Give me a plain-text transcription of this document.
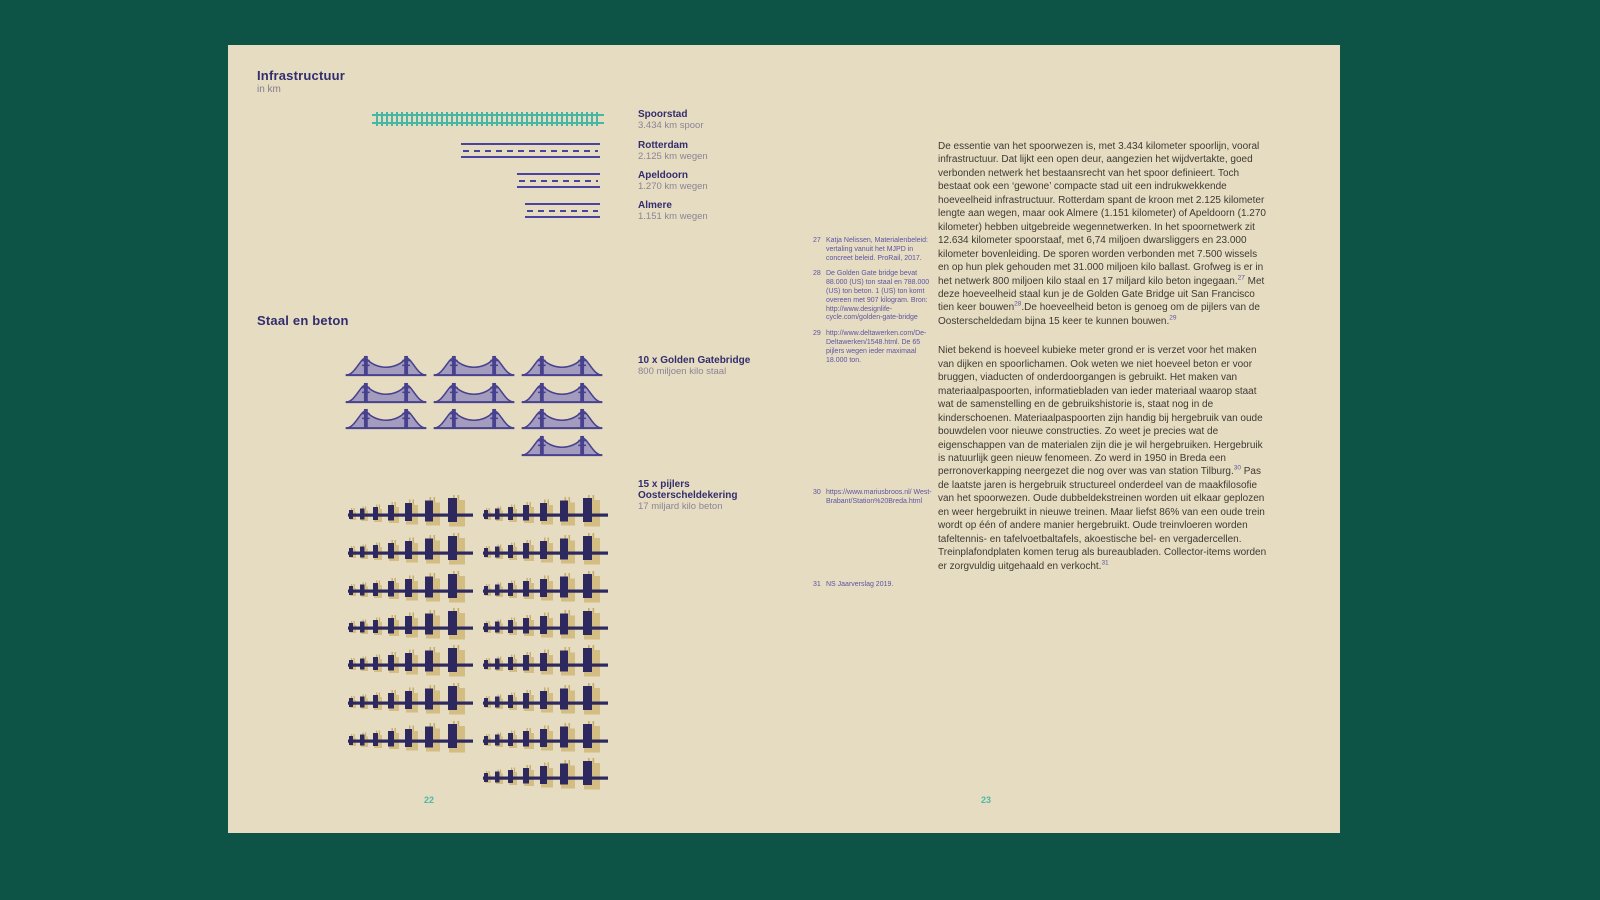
Infrastructuur
in km
Spoorstad
3.434 km spoor
Rotterdam
2.125 km wegen
Apeldoorn
1.270 km wegen
Almere
1.151 km wegen
Staal en beton
10 x Golden Gatebridge
800 miljoen kilo staal
15 x pijlers
Oosterscheldekering
17 miljard kilo beton
27 Katja Nelissen, Materialenbeleid: vertaling vanuit het MJPD in concreet beleid. ProRail, 2017.
28 De Golden Gate bridge bevat 88.000 (US) ton staal en 788.000 (US) ton beton. 1 (US) ton komt overeen met 907 kilogram. Bron: http://www.designlife-cycle.com/golden-gate-bridge
29 http://www.deltawerken.com/De-Deltawerken/1548.html. De 65 pijlers wegen ieder maximaal 18.000 ton.
30 https://www.mariusbroos.nl/ West-Brabant/Station%20Breda.html
31 NS Jaarverslag 2019.
22

De essentie van het spoorwezen is, met 3.434 kilometer spoorlijn, vooral infrastructuur. Dat lijkt een open deur, aangezien het wijdvertakte, goed verbonden netwerk het bestaansrecht van het spoor definieert. Toch bestaat ook een ‘gewone’ compacte stad uit een indrukwekkende hoeveelheid infrastructuur. Rotterdam spant de kroon met 2.125 kilometer lengte aan wegen, maar ook Almere (1.151 kilometer) of Apeldoorn (1.270 kilometer) hebben uitgebreide wegennetwerken. In het spoornetwerk zit 12.634 kilometer spoorstaaf, met 6,74 miljoen dwarsliggers en 23.000 kilometer bovenleiding. De sporen worden verbonden met 7.500 wissels en op hun plek gehouden met 31.000 miljoen kilo ballast. Grofweg is er in het netwerk 800 miljoen kilo staal en 17 miljard kilo beton ingegaan.$^{27}$ Met deze hoeveelheid staal kun je de Golden Gate Bridge uit San Francisco tien keer bouwen$^{28}$.De hoeveelheid beton is genoeg om de pijlers van de Oosterscheldedam bijna 15 keer te kunnen bouwen.$^{29}$

Niet bekend is hoeveel kubieke meter grond er is verzet voor het maken van dijken en spoorlichamen. Ook weten we niet hoeveel beton er voor bruggen, viaducten of onderdoorgangen is gebruikt. Het maken van materiaalpaspoorten, informatiebladen van ieder materiaal waarop staat wat de samenstelling en de gebruikshistorie is, staat nog in de kinderschoenen. Materiaalpaspoorten zijn handig bij hergebruik van oude bouwdelen voor nieuwe constructies. Zo weet je precies wat de eigenschappen van de materialen zijn die je wil hergebruiken. Hergebruik is natuurlijk geen nieuw fenomeen. Zo werd in 1950 in Breda een perronoverkapping neergezet die nog over was van station Tilburg.$^{30}$ Pas de laatste jaren is hergebruik structureel onderdeel van de maakfilosofie van het spoorwezen. Oude dubbeldekstreinen worden uit elkaar geplozen en weer hergebruikt in nieuwe treinen. Maar liefst 86% van een oude trein wordt op één of andere manier hergebruikt. Oude treinvloeren worden tafeltennis- en tafelvoetbaltafels, akoestische bel- en vergadercellen. Treinplafondplaten komen terug als bureaubladen. Collector-items worden er zorgvuldig uitgehaald en verkocht.$^{31}$

23
